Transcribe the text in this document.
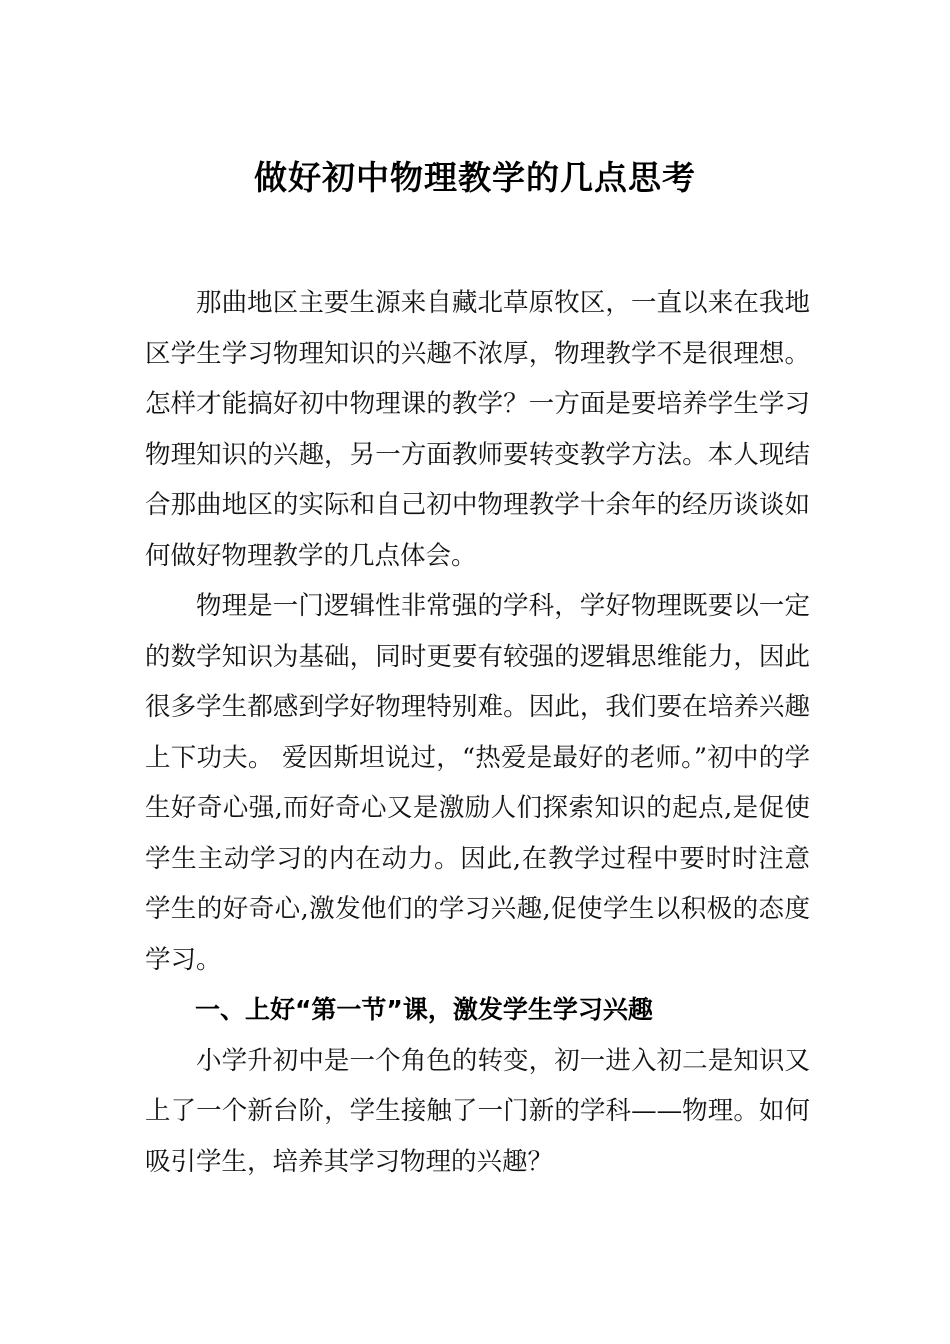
做好初中物理教学的几点思考

那曲地区主要生源来自藏北草原牧区，一直以来在我地区学生学习物理知识的兴趣不浓厚，物理教学不是很理想。怎样才能搞好初中物理课的教学？一方面是要培养学生学习物理知识的兴趣，另一方面教师要转变教学方法。本人现结合那曲地区的实际和自己初中物理教学十余年的经历谈谈如何做好物理教学的几点体会。

物理是一门逻辑性非常强的学科，学好物理既要以一定的数学知识为基础，同时更要有较强的逻辑思维能力，因此很多学生都感到学好物理特别难。因此，我们要在培养兴趣上下功夫。 爱因斯坦说过，“热爱是最好的老师。”初中的学生好奇心强,而好奇心又是激励人们探索知识的起点,是促使学生主动学习的内在动力。因此,在教学过程中要时时注意学生的好奇心,激发他们的学习兴趣,促使学生以积极的态度学习。

一、上好“第一节”课，激发学生学习兴趣

小学升初中是一个角色的转变，初一进入初二是知识又上了一个新台阶，学生接触了一门新的学科——物理。如何吸引学生，培养其学习物理的兴趣？
